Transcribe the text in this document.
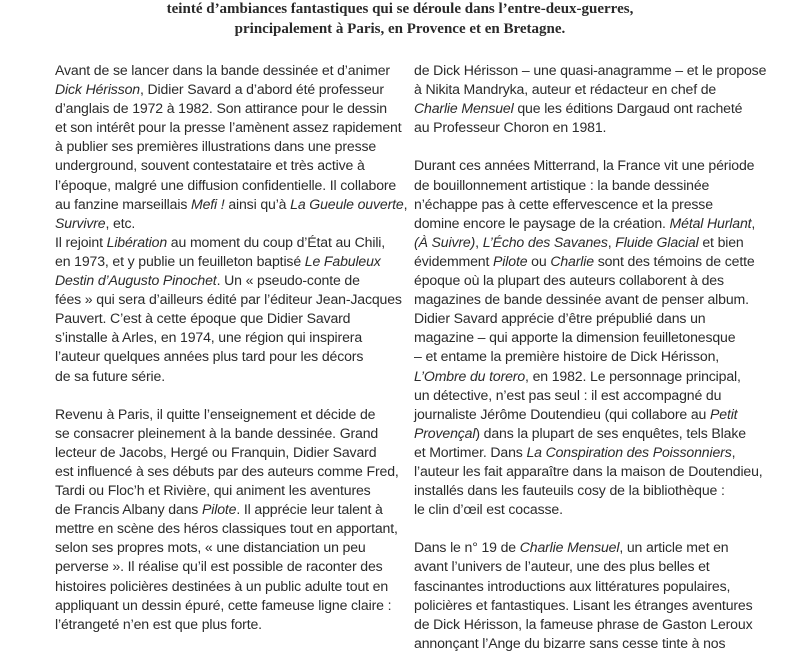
teinté d’ambiances fantastiques qui se déroule dans l’entre-deux-guerres,
principalement à Paris, en Provence et en Bretagne.
Avant de se lancer dans la bande dessinée et d’animer
Dick Hérisson, Didier Savard a d’abord été professeur
d’anglais de 1972 à 1982. Son attirance pour le dessin
et son intérêt pour la presse l’amènent assez rapidement
à publier ses premières illustrations dans une presse
underground, souvent contestataire et très active à
l’époque, malgré une diffusion confidentielle. Il collabore
au fanzine marseillais Mefi ! ainsi qu’à La Gueule ouverte,
Survivre, etc.
Il rejoint Libération au moment du coup d’État au Chili,
en 1973, et y publie un feuilleton baptisé Le Fabuleux
Destin d’Augusto Pinochet. Un « pseudo-conte de
fées » qui sera d’ailleurs édité par l’éditeur Jean-Jacques
Pauvert. C’est à cette époque que Didier Savard
s’installe à Arles, en 1974, une région qui inspirera
l’auteur quelques années plus tard pour les décors
de sa future série.
Revenu à Paris, il quitte l’enseignement et décide de
se consacrer pleinement à la bande dessinée. Grand
lecteur de Jacobs, Hergé ou Franquin, Didier Savard
est influencé à ses débuts par des auteurs comme Fred,
Tardi ou Floc’h et Rivière, qui animent les aventures
de Francis Albany dans Pilote. Il apprécie leur talent à
mettre en scène des héros classiques tout en apportant,
selon ses propres mots, « une distanciation un peu
perverse ». Il réalise qu’il est possible de raconter des
histoires policières destinées à un public adulte tout en
appliquant un dessin épuré, cette fameuse ligne claire :
l’étrangeté n’en est que plus forte.
de Dick Hérisson – une quasi-anagramme – et le propose
à Nikita Mandryka, auteur et rédacteur en chef de
Charlie Mensuel que les éditions Dargaud ont racheté
au Professeur Choron en 1981.
Durant ces années Mitterrand, la France vit une période
de bouillonnement artistique : la bande dessinée
n’échappe pas à cette effervescence et la presse
domine encore le paysage de la création. Métal Hurlant,
(À Suivre), L’Écho des Savanes, Fluide Glacial et bien
évidemment Pilote ou Charlie sont des témoins de cette
époque où la plupart des auteurs collaborent à des
magazines de bande dessinée avant de penser album.
Didier Savard apprécie d’être prépublié dans un
magazine – qui apporte la dimension feuilletonesque
– et entame la première histoire de Dick Hérisson,
L’Ombre du torero, en 1982. Le personnage principal,
un détective, n’est pas seul : il est accompagné du
journaliste Jérôme Doutendieu (qui collabore au Petit
Provençal) dans la plupart de ses enquêtes, tels Blake
et Mortimer. Dans La Conspiration des Poissonniers,
l’auteur les fait apparaître dans la maison de Doutendieu,
installés dans les fauteuils cosy de la bibliothèque :
le clin d’œil est cocasse.
Dans le n° 19 de Charlie Mensuel, un article met en
avant l’univers de l’auteur, une des plus belles et
fascinantes introductions aux littératures populaires,
policières et fantastiques. Lisant les étranges aventures
de Dick Hérisson, la fameuse phrase de Gaston Leroux
annonçant l’Ange du bizarre sans cesse tinte à nos
